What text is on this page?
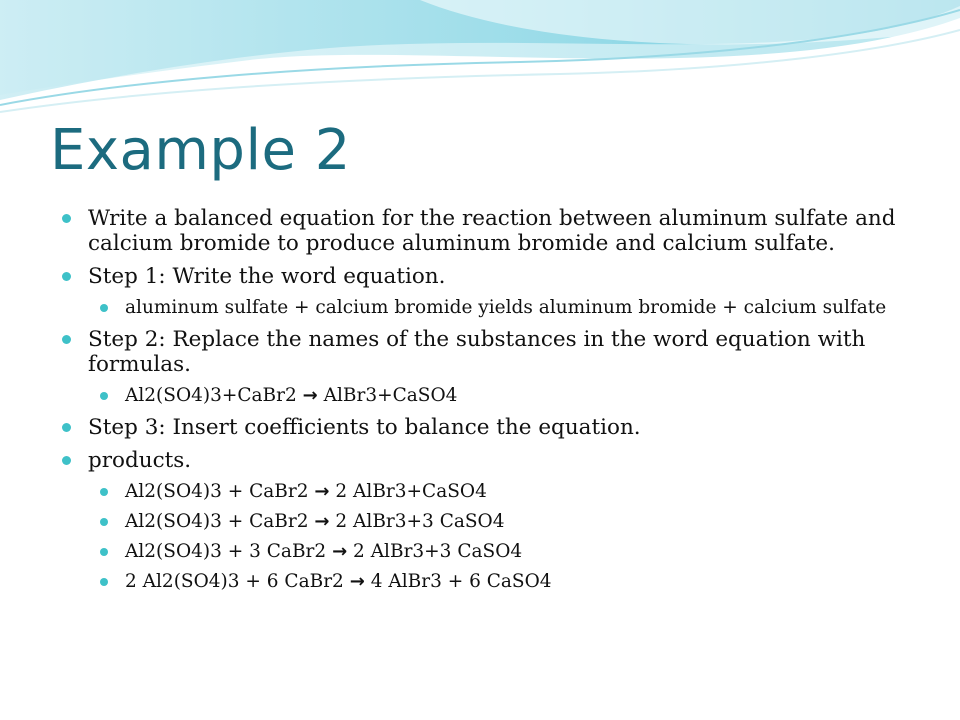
Example 2
Write a balanced equation for the reaction between aluminum sulfate and calcium bromide to produce aluminum bromide and calcium sulfate.
Step 1: Write the word equation.
aluminum sulfate + calcium bromide yields aluminum bromide + calcium sulfate
Step 2: Replace the names of the substances in the word equation with formulas.
Al2(SO4)3+CaBr2 → AlBr3+CaSO4
Step 3: Insert coefficients to balance the equation.
products.
Al2(SO4)3 + CaBr2 → 2 AlBr3+CaSO4
Al2(SO4)3 + CaBr2 → 2 AlBr3+3 CaSO4
Al2(SO4)3 + 3 CaBr2 → 2 AlBr3+3 CaSO4
2 Al2(SO4)3 + 6 CaBr2 → 4 AlBr3 + 6 CaSO4
